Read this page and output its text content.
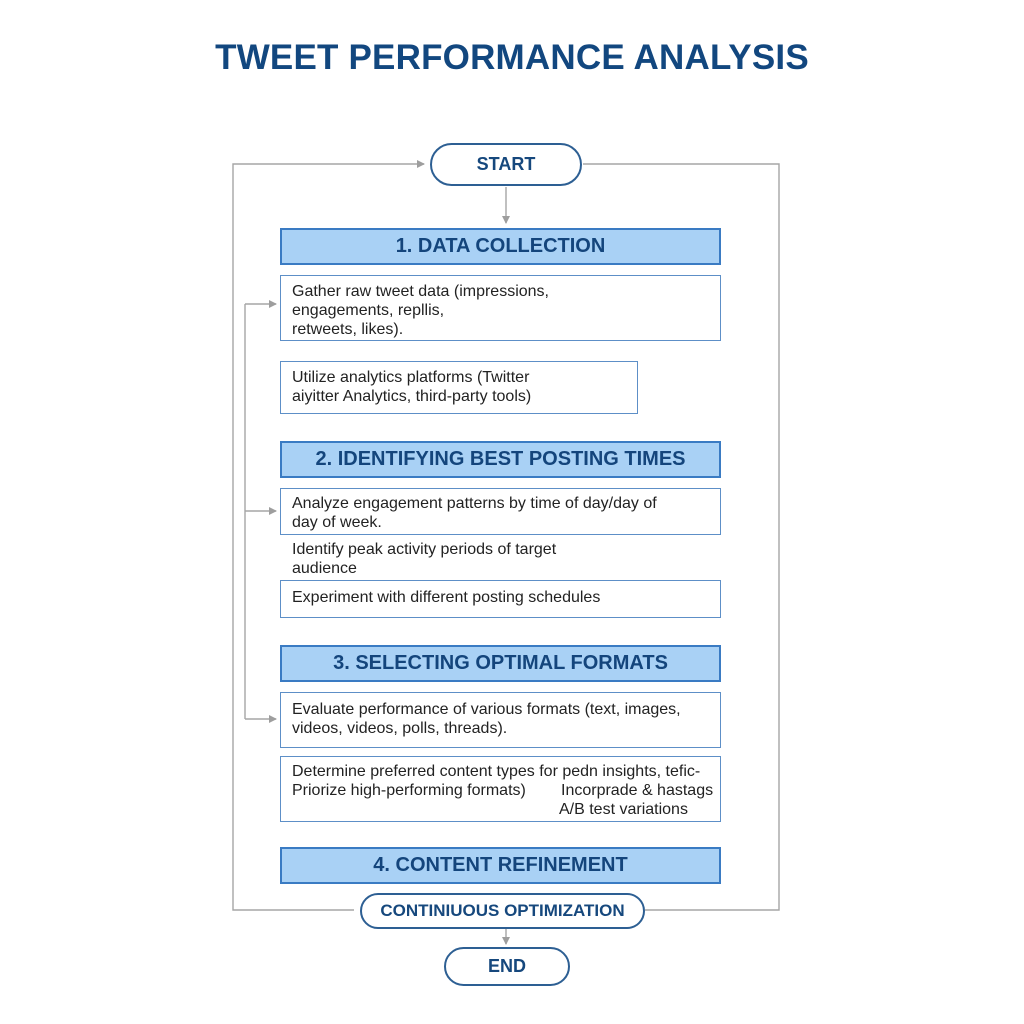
TWEET PERFORMANCE ANALYSIS
START
1. DATA COLLECTION
Gather raw tweet data (impressions,
engagements, repllis,
retweets, likes).
Utilize analytics platforms (Twitter
aiyitter Analytics, third-party tools)
2. IDENTIFYING BEST POSTING TIMES
Analyze engagement patterns by time of day/day of
day of week.
Identify peak activity periods of target
audience
Experiment with different posting schedules
3. SELECTING OPTIMAL FORMATS
Evaluate performance of various formats (text, images,
videos, videos, polls, threads).
Determine preferred content types for pedn insights, tefic-
Priorize high-performing formats) Incorprade & hastags
A/B test variations
4. CONTENT REFINEMENT
CONTINIUOUS OPTIMIZATION
END
